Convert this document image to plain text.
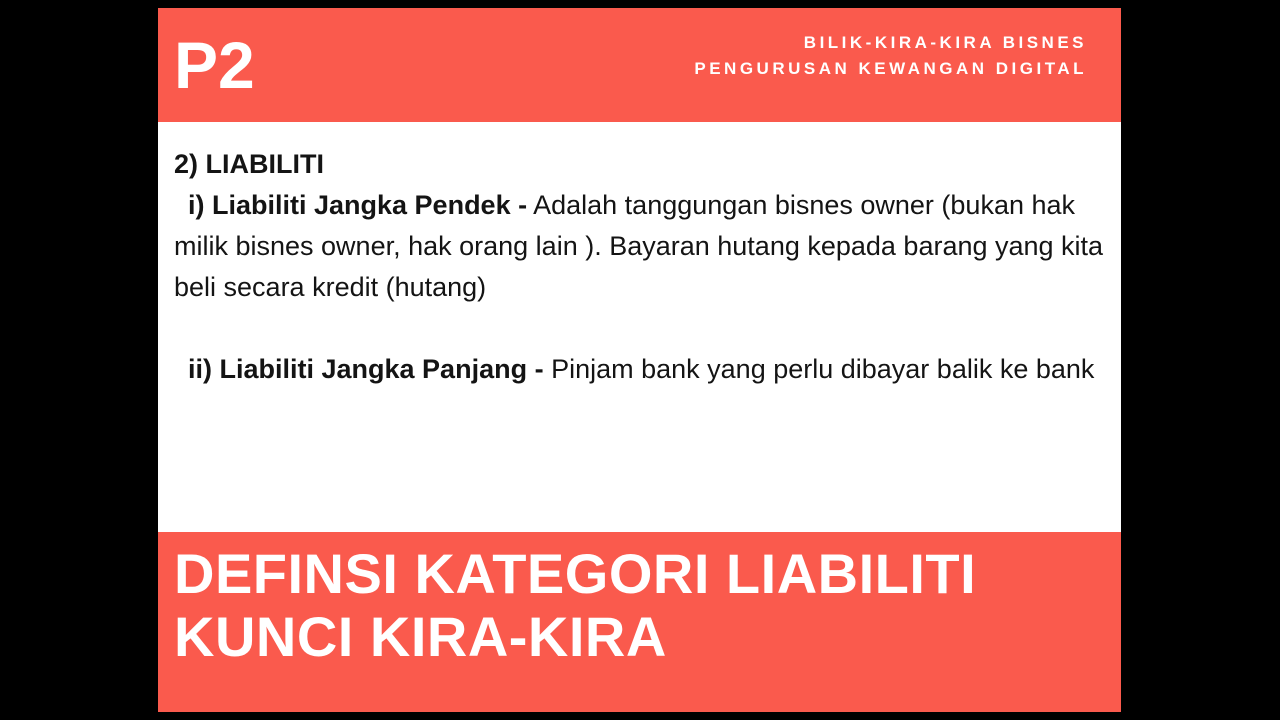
P2	BILIK-KIRA-KIRA BISNES
PENGURUSAN KEWANGAN DIGITAL
2) LIABILITI

i) Liabiliti Jangka Pendek - Adalah tanggungan bisnes owner (bukan hak milik bisnes owner, hak orang lain ). Bayaran hutang kepada barang yang kita beli secara kredit (hutang)

ii) Liabiliti Jangka Panjang - Pinjam bank yang perlu dibayar balik ke bank

DEFINSI KATEGORI LIABILITI
KUNCI KIRA-KIRA
